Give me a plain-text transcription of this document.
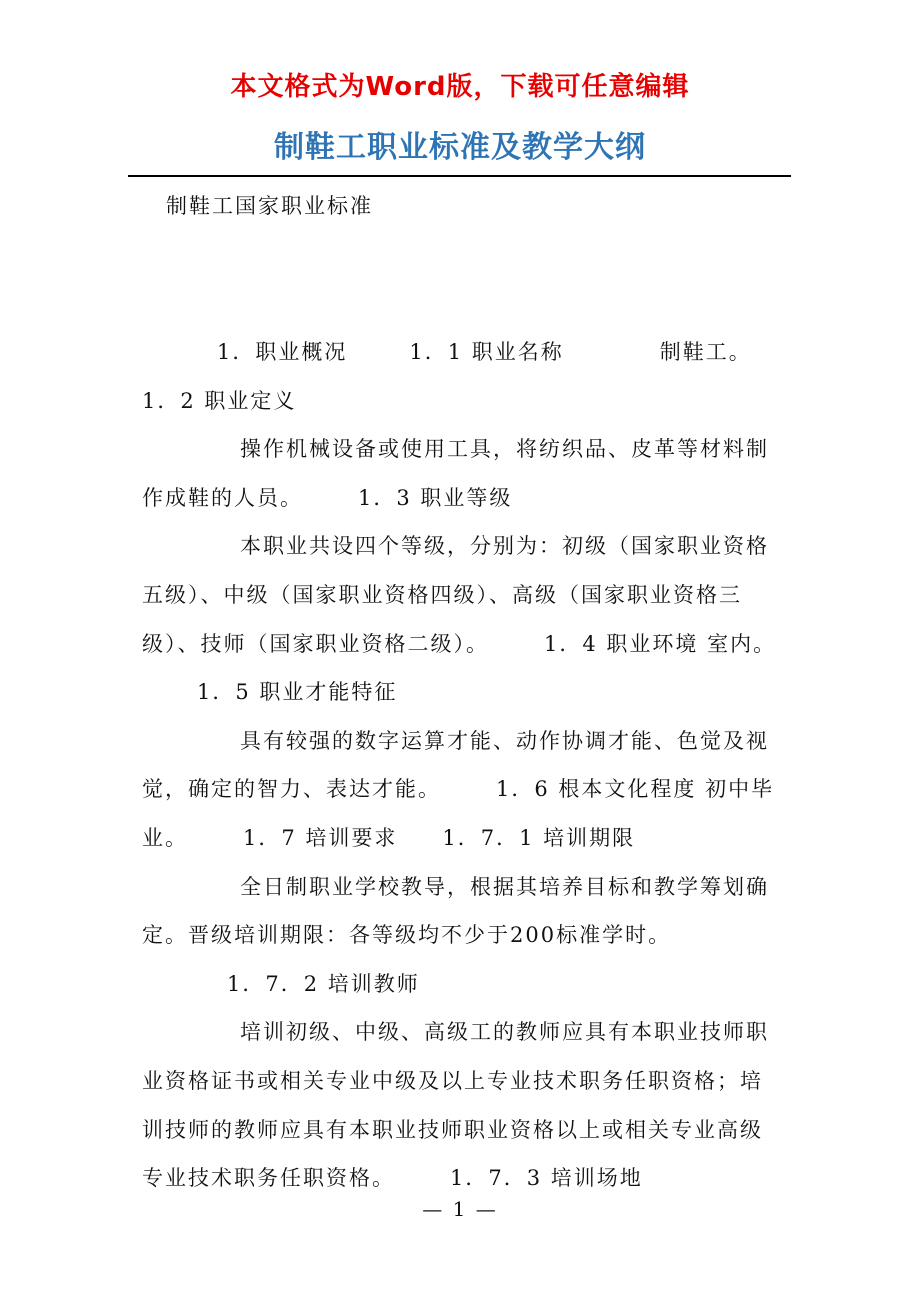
本文格式为Word版，下载可任意编辑
制鞋工职业标准及教学大纲
制鞋工国家职业标准

1．职业概况	1．1 职业名称	制鞋工。 1．2 职业定义

操作机械设备或使用工具，将纺织品、皮革等材料制作成鞋的人员。	1．3 职业等级

本职业共设四个等级，分别为：初级（国家职业资格五级）、中级（国家职业资格四级）、高级（国家职业资格三级）、技师（国家职业资格二级）。	1．4 职业环境 室内。1．5 职业才能特征

具有较强的数字运算才能、动作协调才能、色觉及视觉，确定的智力、表达才能。	1．6 根本文化程度 初中毕业。	1．7 培训要求 1．7．1 培训期限

全日制职业学校教导，根据其培养目标和教学筹划确定。晋级培训期限：各等级均不少于200标准学时。

1．7．2 培训教师

培训初级、中级、高级工的教师应具有本职业技师职业资格证书或相关专业中级及以上专业技术职务任职资格；培训技师的教师应具有本职业技师职业资格以上或相关专业高级专业技术职务任职资格。	1．7．3 培训场地

— 1 —
